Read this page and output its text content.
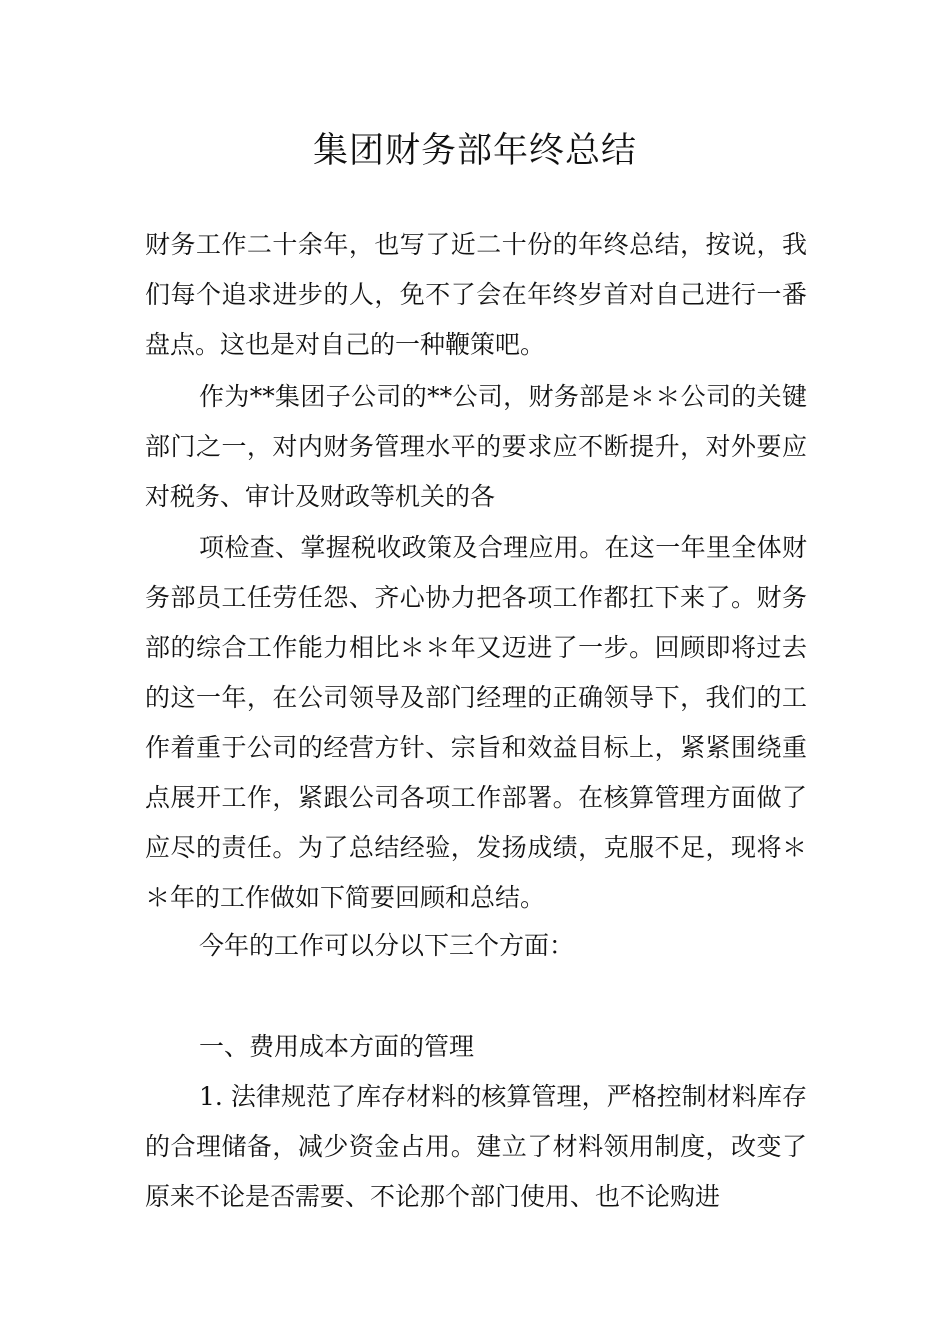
集团财务部年终总结

财务工作二十余年，也写了近二十份的年终总结，按说，我们每个追求进步的人，免不了会在年终岁首对自己进行一番盘点。这也是对自己的一种鞭策吧。

作为**集团子公司的**公司，财务部是＊＊公司的关键部门之一，对内财务管理水平的要求应不断提升，对外要应对税务、审计及财政等机关的各

项检查、掌握税收政策及合理应用。在这一年里全体财务部员工任劳任怨、齐心协力把各项工作都扛下来了。财务部的综合工作能力相比＊＊年又迈进了一步。回顾即将过去的这一年，在公司领导及部门经理的正确领导下，我们的工作着重于公司的经营方针、宗旨和效益目标上，紧紧围绕重点展开工作，紧跟公司各项工作部署。在核算管理方面做了应尽的责任。为了总结经验，发扬成绩，克服不足，现将＊＊年的工作做如下简要回顾和总结。

今年的工作可以分以下三个方面：

一、费用成本方面的管理

1. 法律规范了库存材料的核算管理，严格控制材料库存的合理储备，减少资金占用。建立了材料领用制度，改变了原来不论是否需要、不论那个部门使用、也不论购进
